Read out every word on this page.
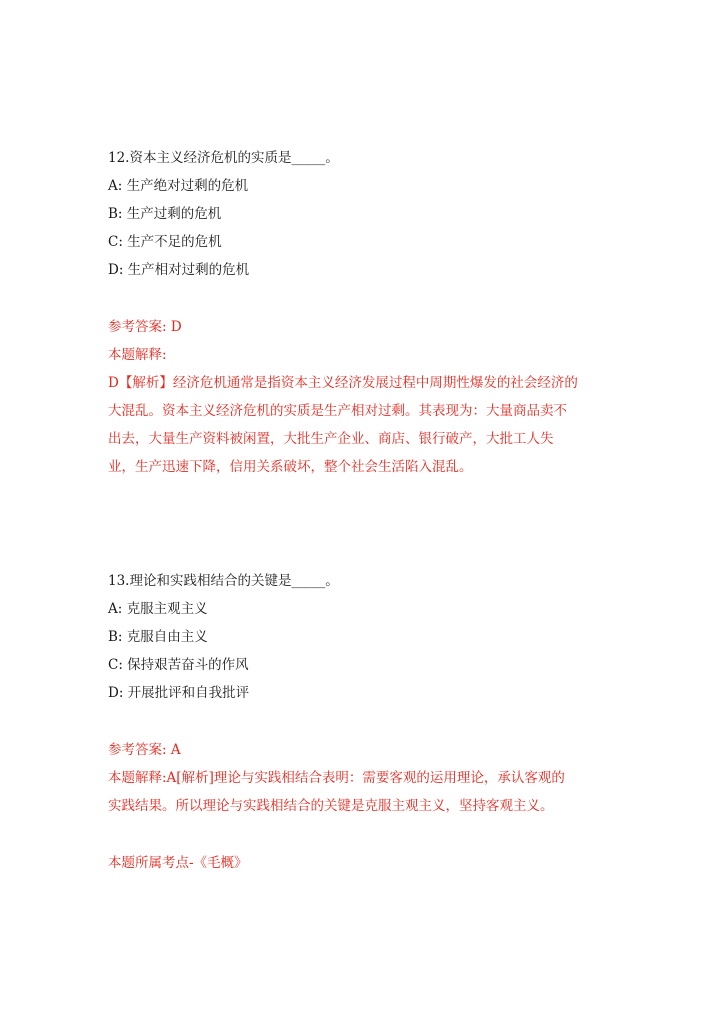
12.资本主义经济危机的实质是_____。
A: 生产绝对过剩的危机
B: 生产过剩的危机
C: 生产不足的危机
D: 生产相对过剩的危机
参考答案: D
本题解释:
D【解析】经济危机通常是指资本主义经济发展过程中周期性爆发的社会经济的
大混乱。资本主义经济危机的实质是生产相对过剩。其表现为：大量商品卖不
出去，大量生产资料被闲置，大批生产企业、商店、银行破产，大批工人失
业，生产迅速下降，信用关系破坏，整个社会生活陷入混乱。
13.理论和实践相结合的关键是_____。
A: 克服主观主义
B: 克服自由主义
C: 保持艰苦奋斗的作风
D: 开展批评和自我批评
参考答案: A
本题解释:A[解析]理论与实践相结合表明：需要客观的运用理论，承认客观的
实践结果。所以理论与实践相结合的关键是克服主观主义，坚持客观主义。
本题所属考点-《毛概》
